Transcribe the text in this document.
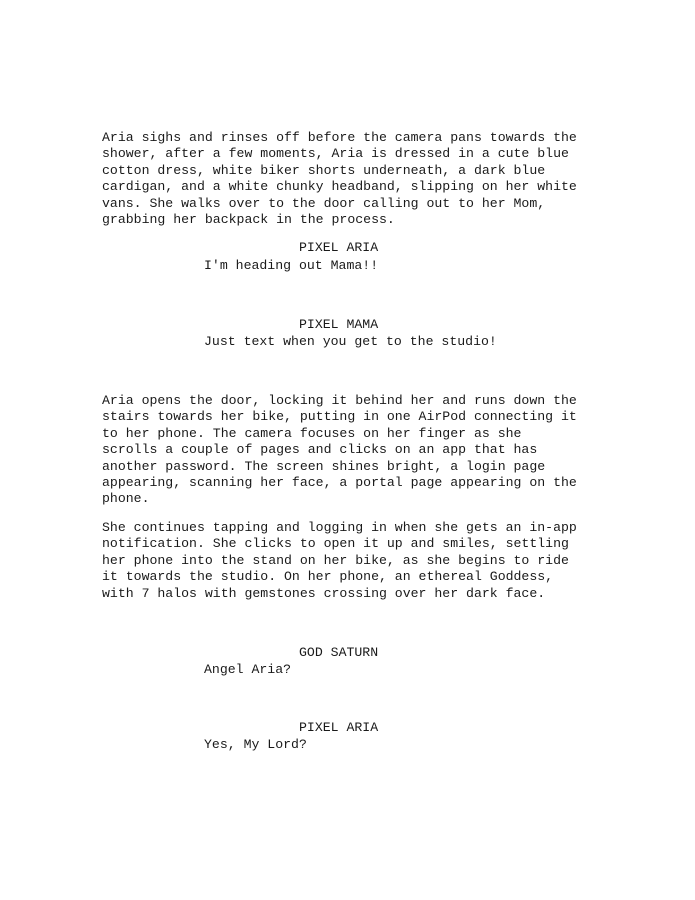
Aria sighs and rinses off before the camera pans towards the
shower, after a few moments, Aria is dressed in a cute blue
cotton dress, white biker shorts underneath, a dark blue
cardigan, and a white chunky headband, slipping on her white
vans. She walks over to the door calling out to her Mom,
grabbing her backpack in the process.

PIXEL ARIA

I'm heading out Mama!!

PIXEL MAMA

Just text when you get to the studio!

Aria opens the door, locking it behind her and runs down the
stairs towards her bike, putting in one AirPod connecting it
to her phone. The camera focuses on her finger as she
scrolls a couple of pages and clicks on an app that has
another password. The screen shines bright, a login page
appearing, scanning her face, a portal page appearing on the
phone.

She continues tapping and logging in when she gets an in-app
notification. She clicks to open it up and smiles, settling
her phone into the stand on her bike, as she begins to ride
it towards the studio. On her phone, an ethereal Goddess,
with 7 halos with gemstones crossing over her dark face.

GOD SATURN

Angel Aria?

PIXEL ARIA

Yes, My Lord?
